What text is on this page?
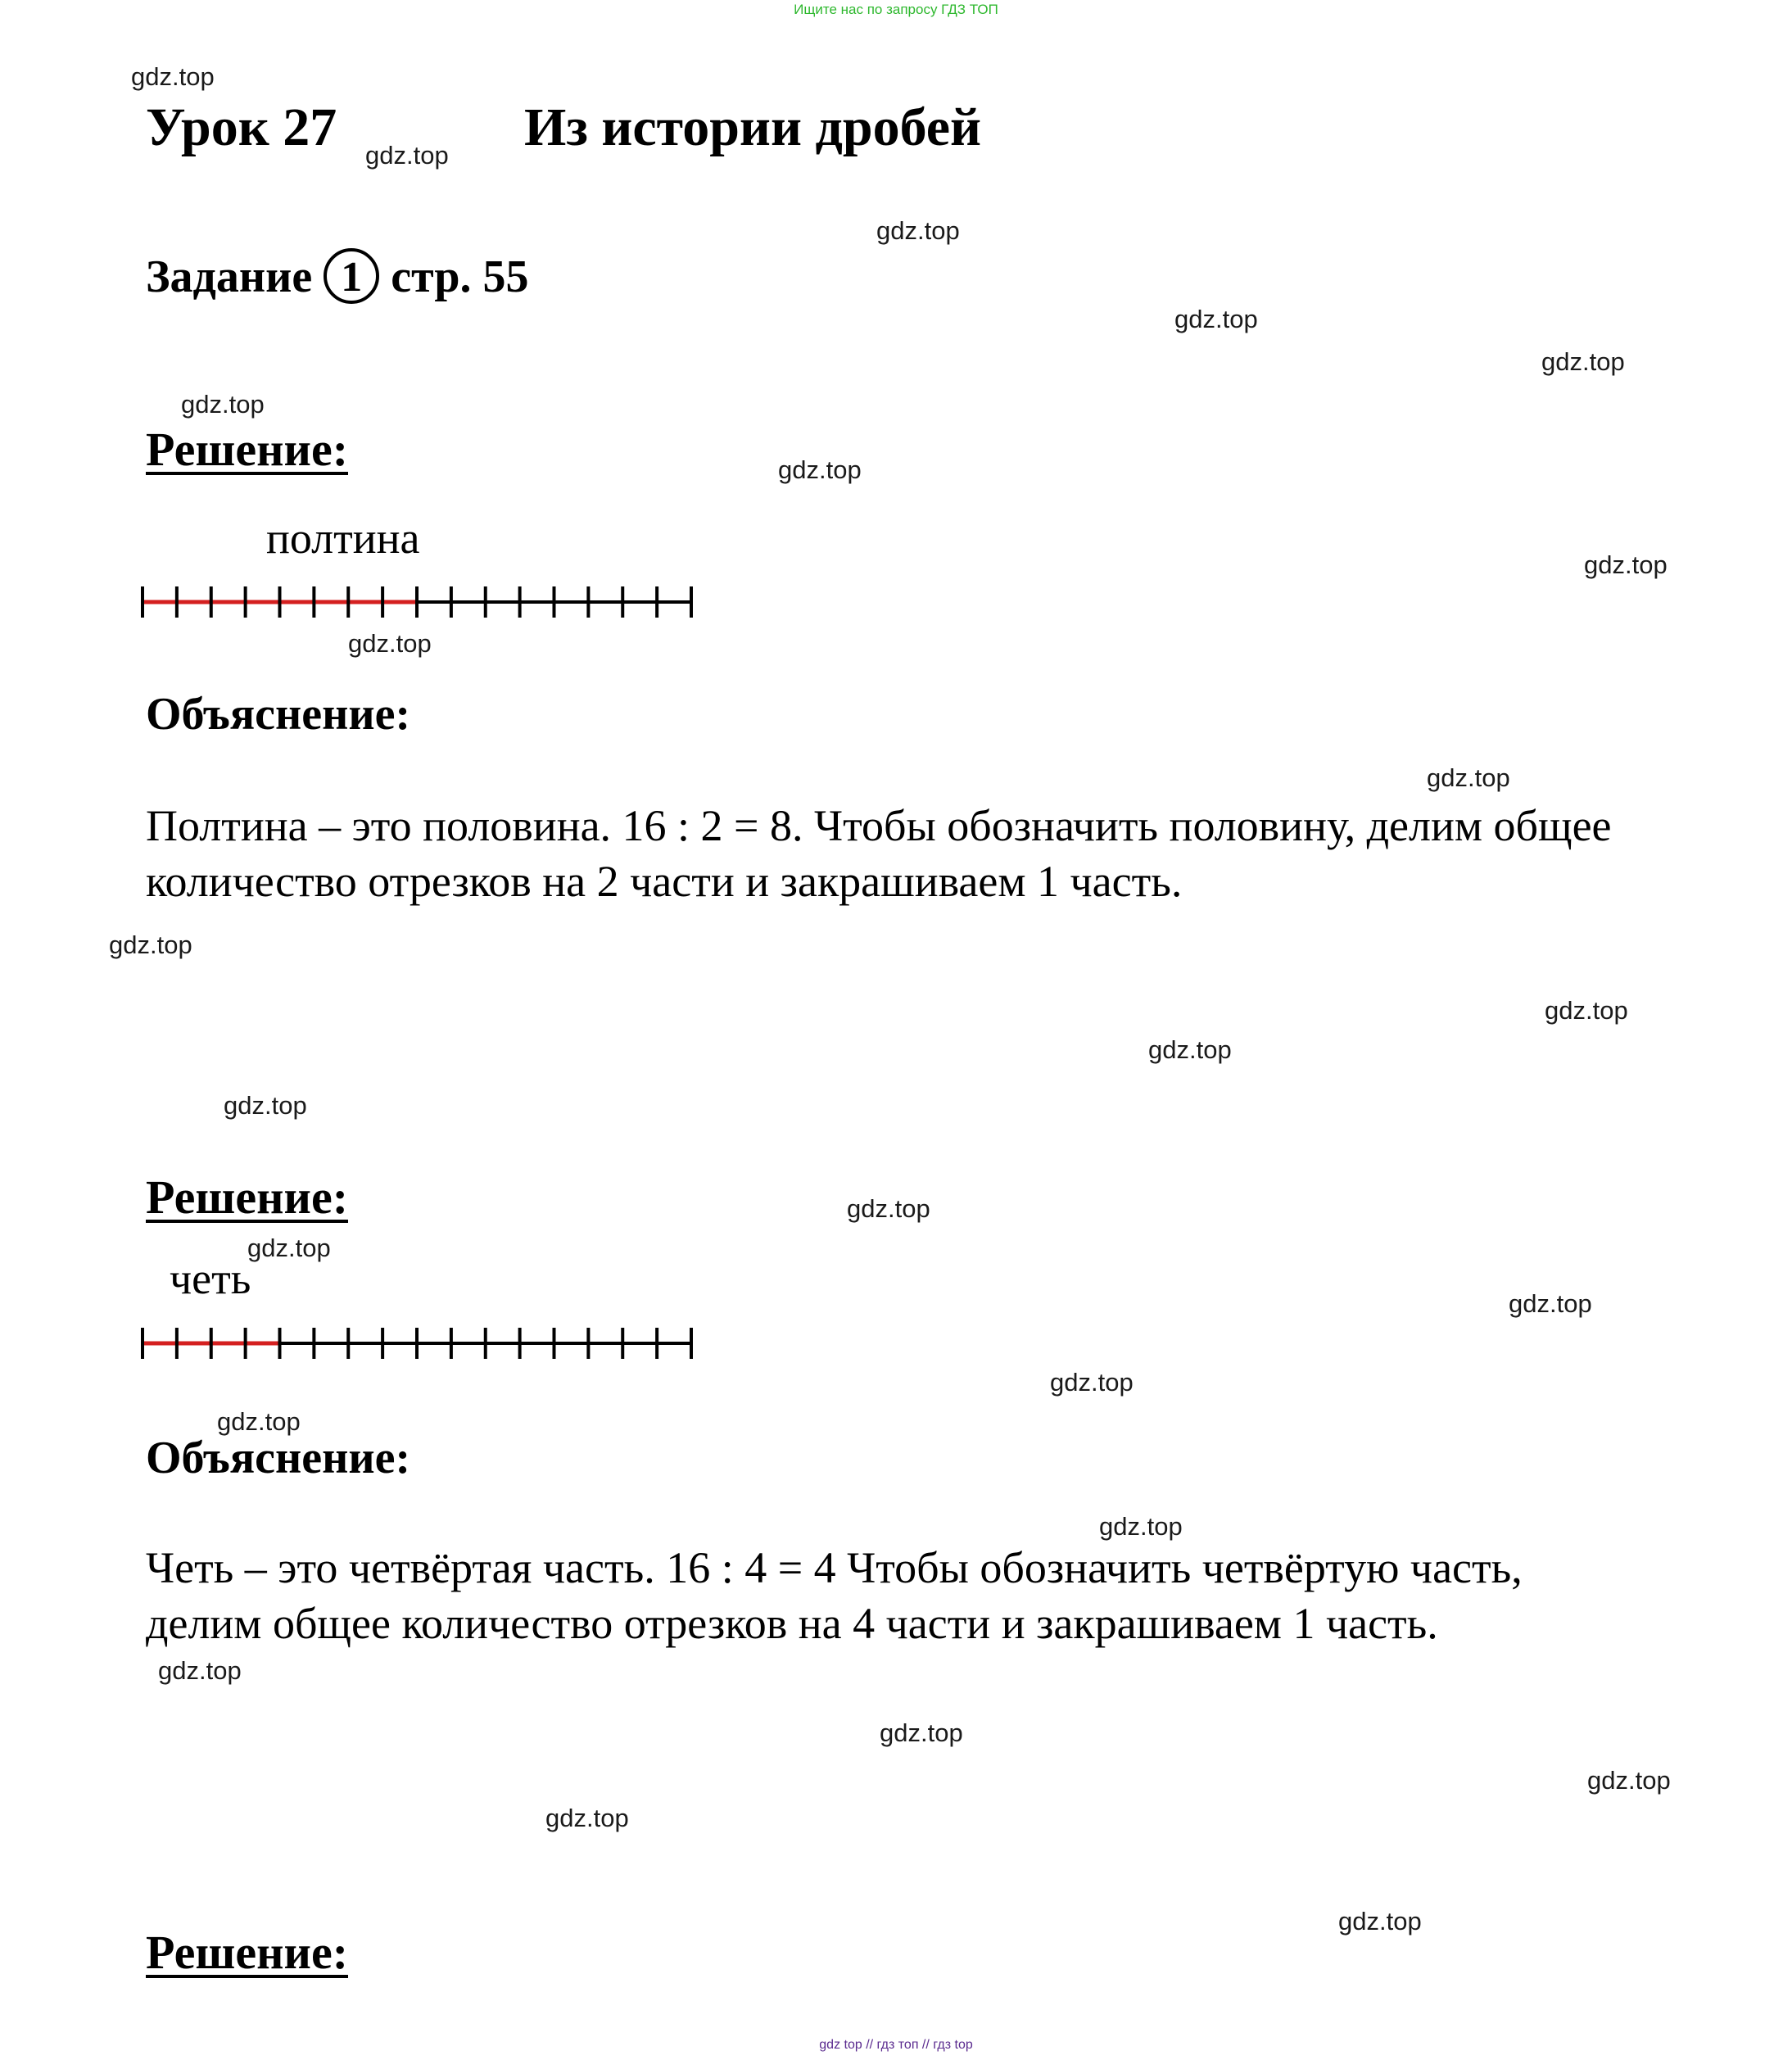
Ищите нас по запросу ГДЗ ТОП
Урок 27	Из истории дробей
Задание 1 стр. 55
Решение:
полтина
Объяснение:
Полтина – это половина. 16 : 2 = 8. Чтобы обозначить половину, делим общее
количество отрезков на 2 части и закрашиваем 1 часть.
Решение:
четь
Объяснение:
Четь – это четвёртая часть. 16 : 4 = 4 Чтобы обозначить четвёртую часть,
делим общее количество отрезков на 4 части и закрашиваем 1 часть.
Решение:
gdz.top
gdz.top
gdz.top
gdz.top
gdz.top
gdz.top
gdz.top
gdz.top
gdz.top
gdz.top
gdz.top
gdz.top
gdz.top
gdz.top
gdz.top
gdz.top
gdz.top
gdz.top
gdz.top
gdz.top
gdz.top
gdz.top
gdz.top
gdz.top
gdz.top
gdz top // гдз топ // гдз top
